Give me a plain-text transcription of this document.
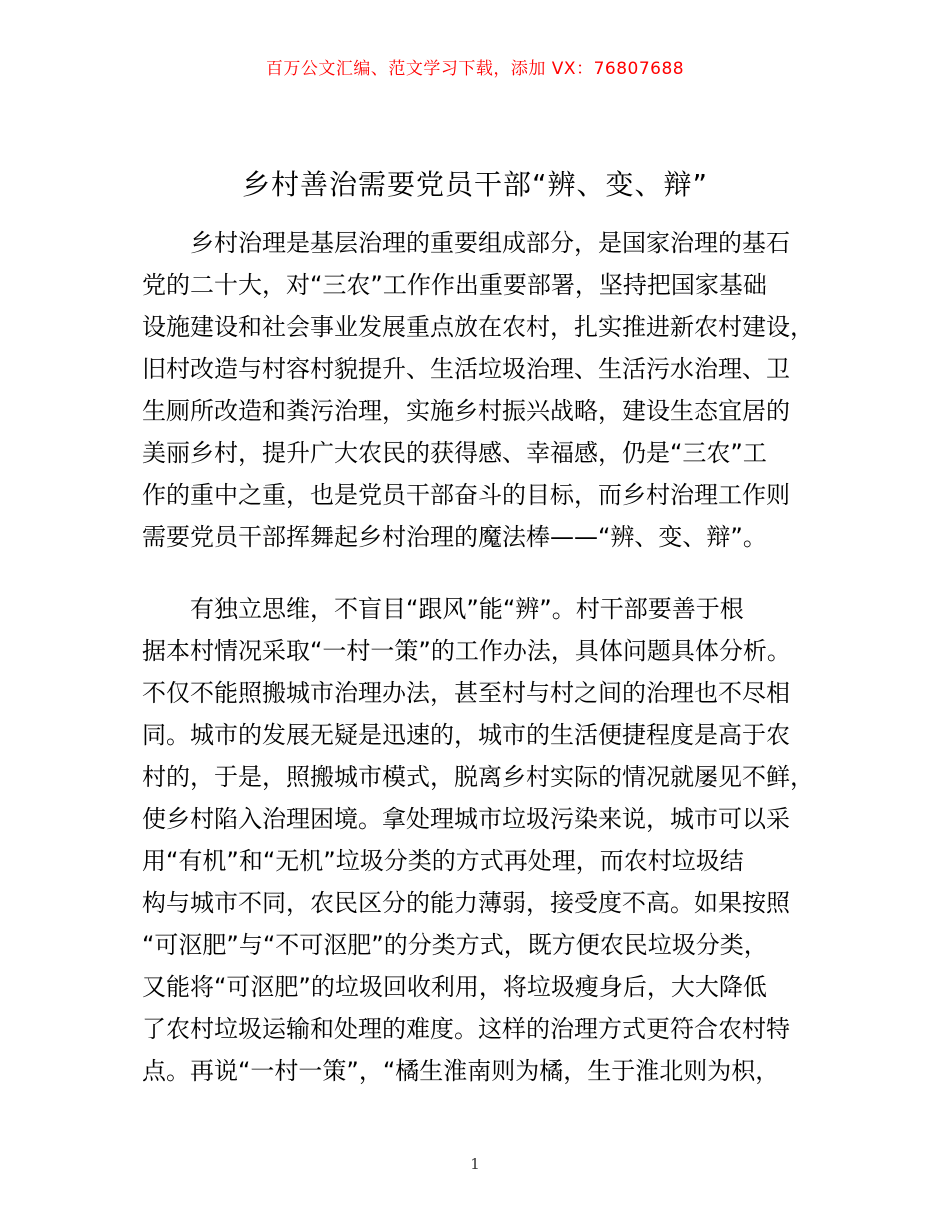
百万公文汇编、范文学习下载，添加 VX：76807688
乡村善治需要党员干部“辨、变、辩”
　　乡村治理是基层治理的重要组成部分，是国家治理的基石
党的二十大，对“三农”工作作出重要部署，坚持把国家基础
设施建设和社会事业发展重点放在农村，扎实推进新农村建设，
旧村改造与村容村貌提升、生活垃圾治理、生活污水治理、卫
生厕所改造和粪污治理，实施乡村振兴战略，建设生态宜居的
美丽乡村，提升广大农民的获得感、幸福感，仍是“三农”工
作的重中之重，也是党员干部奋斗的目标，而乡村治理工作则
需要党员干部挥舞起乡村治理的魔法棒——“辨、变、辩”。
　　有独立思维，不盲目“跟风”能“辨”。村干部要善于根
据本村情况采取“一村一策”的工作办法，具体问题具体分析。
不仅不能照搬城市治理办法，甚至村与村之间的治理也不尽相
同。城市的发展无疑是迅速的，城市的生活便捷程度是高于农
村的，于是，照搬城市模式，脱离乡村实际的情况就屡见不鲜，
使乡村陷入治理困境。拿处理城市垃圾污染来说，城市可以采
用“有机”和“无机”垃圾分类的方式再处理，而农村垃圾结
构与城市不同，农民区分的能力薄弱，接受度不高。如果按照
“可沤肥”与“不可沤肥”的分类方式，既方便农民垃圾分类，
又能将“可沤肥”的垃圾回收利用，将垃圾瘦身后，大大降低
了农村垃圾运输和处理的难度。这样的治理方式更符合农村特
点。再说“一村一策”，“橘生淮南则为橘，生于淮北则为枳，
1
